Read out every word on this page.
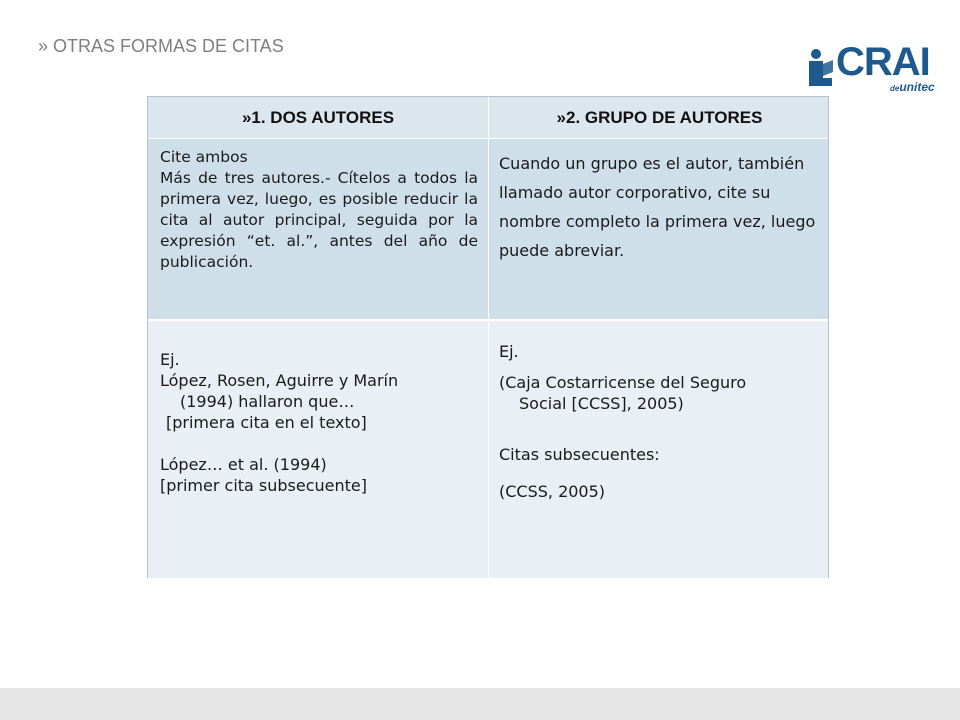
» OTRAS FORMAS DE CITAS	CRAI
deunitec
»1. DOS AUTORES	»2. GRUPO DE AUTORES

Cite ambos

Más de tres autores.- Cítelos a todos la primera vez, luego, es posible reducir la cita al autor principal, seguida por la expresión “et. al.”, antes del año de publicación.

Cuando un grupo es el autor, también llamado autor corporativo, cite su nombre completo la primera vez, luego puede abreviar.

Ej.

López, Rosen, Aguirre y Marín

(1994) hallaron que…

[primera cita en el texto]

López… et al. (1994)

[primer cita subsecuente]

Ej.

(Caja Costarricense del Seguro

Social [CCSS], 2005)

Citas subsecuentes:

(CCSS, 2005)
